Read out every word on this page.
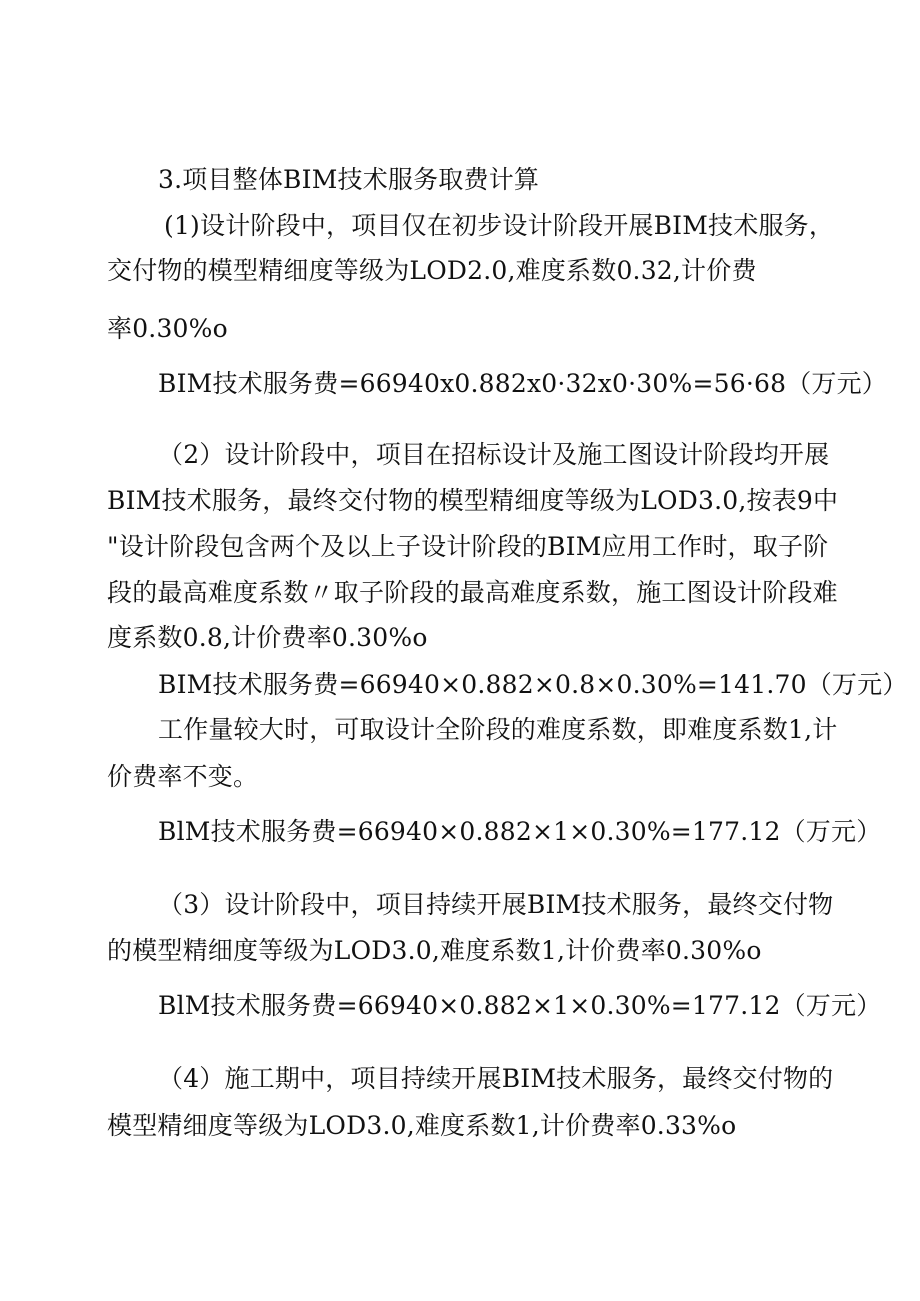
3.项目整体BIM技术服务取费计算
(1)设计阶段中，项目仅在初步设计阶段开展BIM技术服务，
交付物的模型精细度等级为LOD2.0,难度系数0.32,计价费
率0.30%o
BIM技术服务费=66940x0.882x0·32x0·30%=56·68（万元）
（2）设计阶段中，项目在招标设计及施工图设计阶段均开展
BIM技术服务，最终交付物的模型精细度等级为LOD3.0,按表9中
"设计阶段包含两个及以上子设计阶段的BIM应用工作时，取子阶
段的最高难度系数〃取子阶段的最高难度系数，施工图设计阶段难
度系数0.8,计价费率0.30%o
BIM技术服务费=66940×0.882×0.8×0.30%=141.70（万元）
工作量较大时，可取设计全阶段的难度系数，即难度系数1,计
价费率不变。
BlM技术服务费=66940×0.882×1×0.30%=177.12（万元）
（3）设计阶段中，项目持续开展BIM技术服务，最终交付物
的模型精细度等级为LOD3.0,难度系数1,计价费率0.30%o
BlM技术服务费=66940×0.882×1×0.30%=177.12（万元）
（4）施工期中，项目持续开展BIM技术服务，最终交付物的
模型精细度等级为LOD3.0,难度系数1,计价费率0.33%o
